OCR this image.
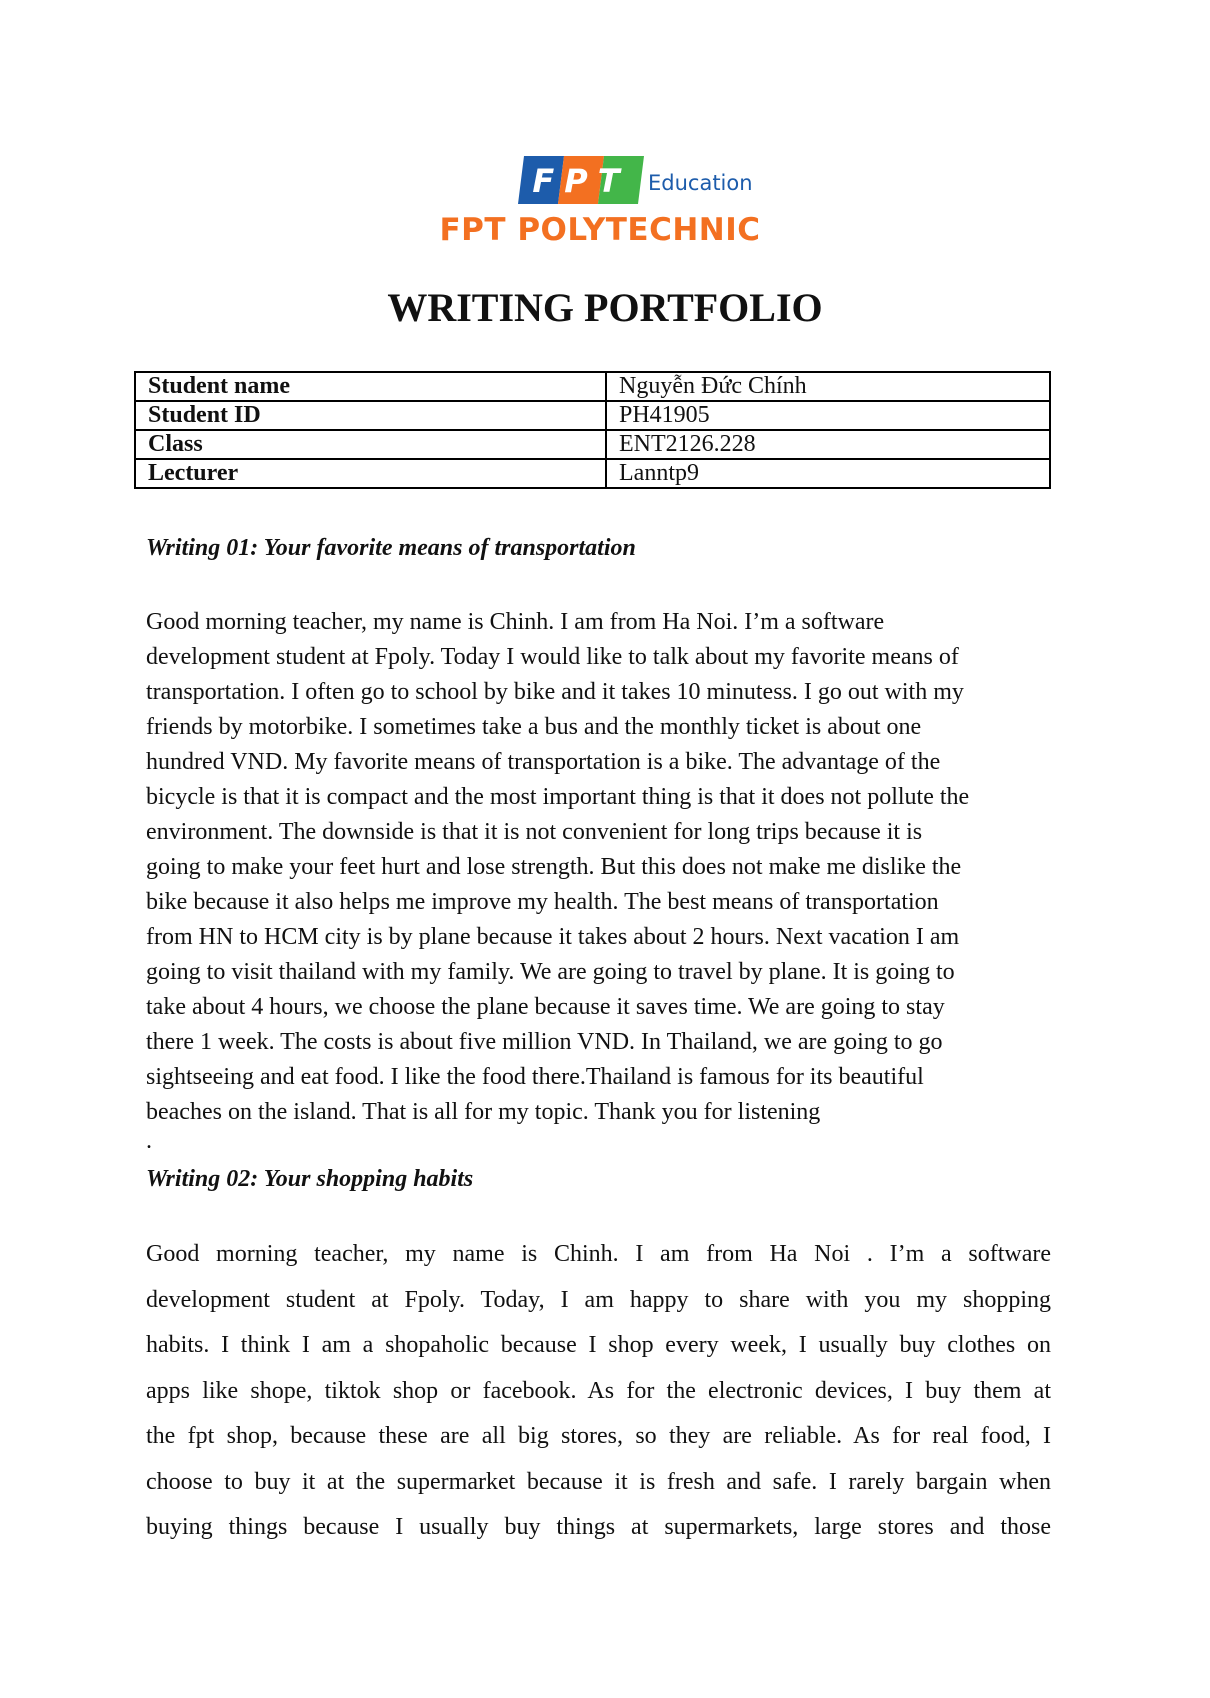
FPT Education
FPT POLYTECHNIC
WRITING PORTFOLIO
Student name	Nguyễn Đức Chính
Student ID	PH41905
Class	ENT2126.228
Lecturer	Lanntp9
Writing 01: Your favorite means of transportation
Good morning teacher, my name is Chinh. I am from Ha Noi. I’m a software
development student at Fpoly. Today I would like to talk about my favorite means of
transportation. I often go to school by bike and it takes 10 minutess. I go out with my
friends by motorbike. I sometimes take a bus and the monthly ticket is about one
hundred VND. My favorite means of transportation is a bike. The advantage of the
bicycle is that it is compact and the most important thing is that it does not pollute the
environment. The downside is that it is not convenient for long trips because it is
going to make your feet hurt and lose strength. But this does not make me dislike the
bike because it also helps me improve my health. The best means of transportation
from HN to HCM city is by plane because it takes about 2 hours. Next vacation I am
going to visit thailand with my family. We are going to travel by plane. It is going to
take about 4 hours, we choose the plane because it saves time. We are going to stay
there 1 week. The costs is about five million VND. In Thailand, we are going to go
sightseeing and eat food. I like the food there.Thailand is famous for its beautiful
beaches on the island. That is all for my topic. Thank you for listening
.
Writing 02: Your shopping habits
Good morning teacher, my name is Chinh. I am from Ha Noi . I’m a software
development student at Fpoly. Today, I am happy to share with you my shopping
habits. I think I am a shopaholic because I shop every week, I usually buy clothes on
apps like shope, tiktok shop or facebook. As for the electronic devices, I buy them at
the fpt shop, because these are all big stores, so they are reliable. As for real food, I
choose to buy it at the supermarket because it is fresh and safe. I rarely bargain when
buying things because I usually buy things at supermarkets, large stores and those
